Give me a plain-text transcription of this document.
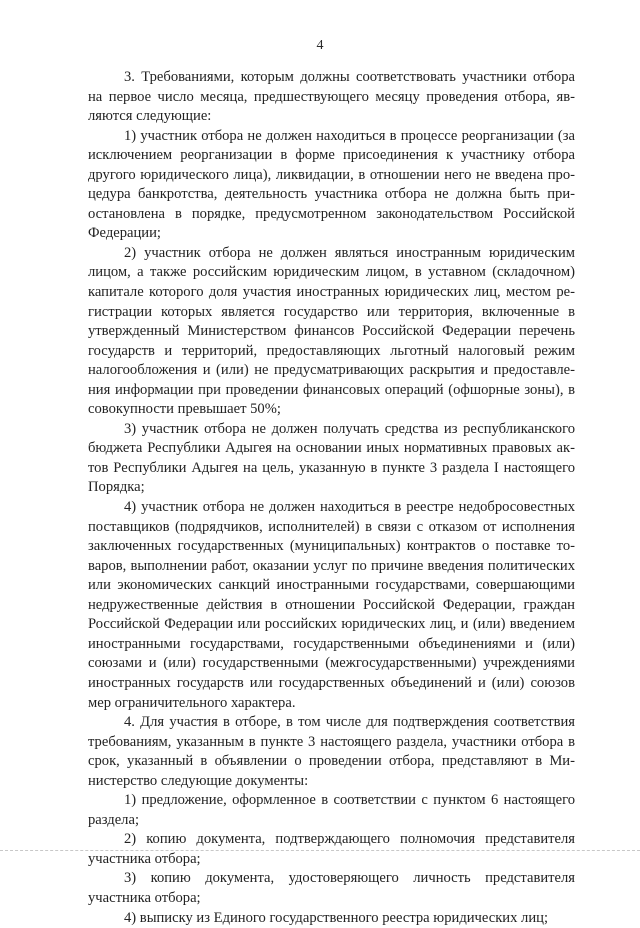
4

3. Требованиями, которым должны соответствовать участники отбора на первое число месяца, предшествующего месяцу проведения отбора, являются следующие:

1) участник отбора не должен находиться в процессе реорганизации (за исключением реорганизации в форме присоединения к участнику отбора другого юридического лица), ликвидации, в отношении него не введена процедура банкротства, деятельность участника отбора не должна быть приостановлена в порядке, предусмотренном законодательством Российской Федерации;

2) участник отбора не должен являться иностранным юридическим лицом, а также российским юридическим лицом, в уставном (складочном) капитале которого доля участия иностранных юридических лиц, местом регистрации которых является государство или территория, включенные в утвержденный Министерством финансов Российской Федерации перечень государств и территорий, предоставляющих льготный налоговый режим налогообложения и (или) не предусматривающих раскрытия и предоставления информации при проведении финансовых операций (офшорные зоны), в совокупности превышает 50%;

3) участник отбора не должен получать средства из республиканского бюджета Республики Адыгея на основании иных нормативных правовых актов Республики Адыгея на цель, указанную в пункте 3 раздела I настоящего Порядка;

4) участник отбора не должен находиться в реестре недобросовестных поставщиков (подрядчиков, исполнителей) в связи с отказом от исполнения заключенных государственных (муниципальных) контрактов о поставке товаров, выполнении работ, оказании услуг по причине введения политических или экономических санкций иностранными государствами, совершающими недружественные действия в отношении Российской Федерации, граждан Российской Федерации или российских юридических лиц, и (или) введением иностранными государствами, государственными объединениями и (или) союзами и (или) государственными (межгосударственными) учреждениями иностранных государств или государственных объединений и (или) союзов мер ограничительного характера.

4. Для участия в отборе, в том числе для подтверждения соответствия требованиям, указанным в пункте 3 настоящего раздела, участники отбора в срок, указанный в объявлении о проведении отбора, представляют в Министерство следующие документы:

1) предложение, оформленное в соответствии с пунктом 6 настоящего раздела;

2) копию документа, подтверждающего полномочия представителя участника отбора;

3) копию документа, удостоверяющего личность представителя участника отбора;

4) выписку из Единого государственного реестра юридических лиц;
